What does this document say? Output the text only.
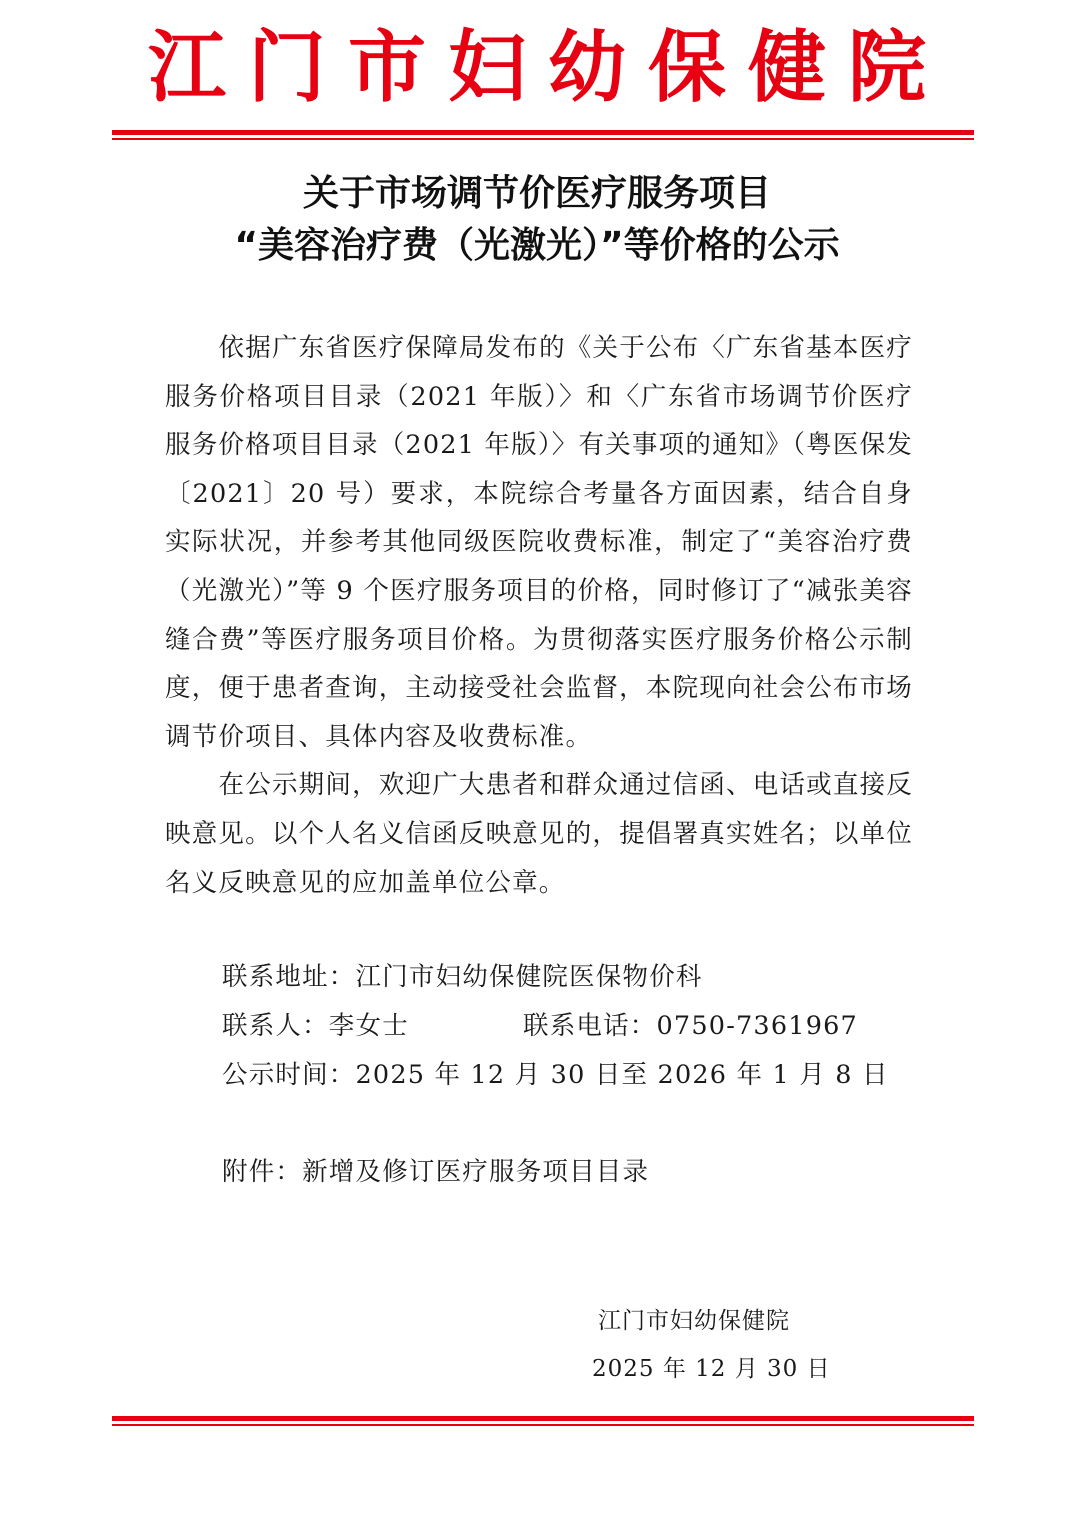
江门市妇幼保健院
关于市场调节价医疗服务项目
“美容治疗费（光激光）”等价格的公示

依据广东省医疗保障局发布的《关于公布〈广东省基本医疗服务价格项目目录（2021 年版）〉和〈广东省市场调节价医疗服务价格项目目录（2021 年版）〉有关事项的通知》（粤医保发〔2021〕20 号）要求，本院综合考量各方面因素，结合自身实际状况，并参考其他同级医院收费标准，制定了“美容治疗费（光激光）”等 9 个医疗服务项目的价格，同时修订了“减张美容缝合费”等医疗服务项目价格。为贯彻落实医疗服务价格公示制度，便于患者查询，主动接受社会监督，本院现向社会公布市场调节价项目、具体内容及收费标准。

在公示期间，欢迎广大患者和群众通过信函、电话或直接反映意见。以个人名义信函反映意见的，提倡署真实姓名；以单位名义反映意见的应加盖单位公章。

联系地址：江门市妇幼保健院医保物价科
联系人：李女士	联系电话：0750-7361967
公示时间：2025 年 12 月 30 日至 2026 年 1 月 8 日
附件：新增及修订医疗服务项目目录
江门市妇幼保健院
2025 年 12 月 30 日
